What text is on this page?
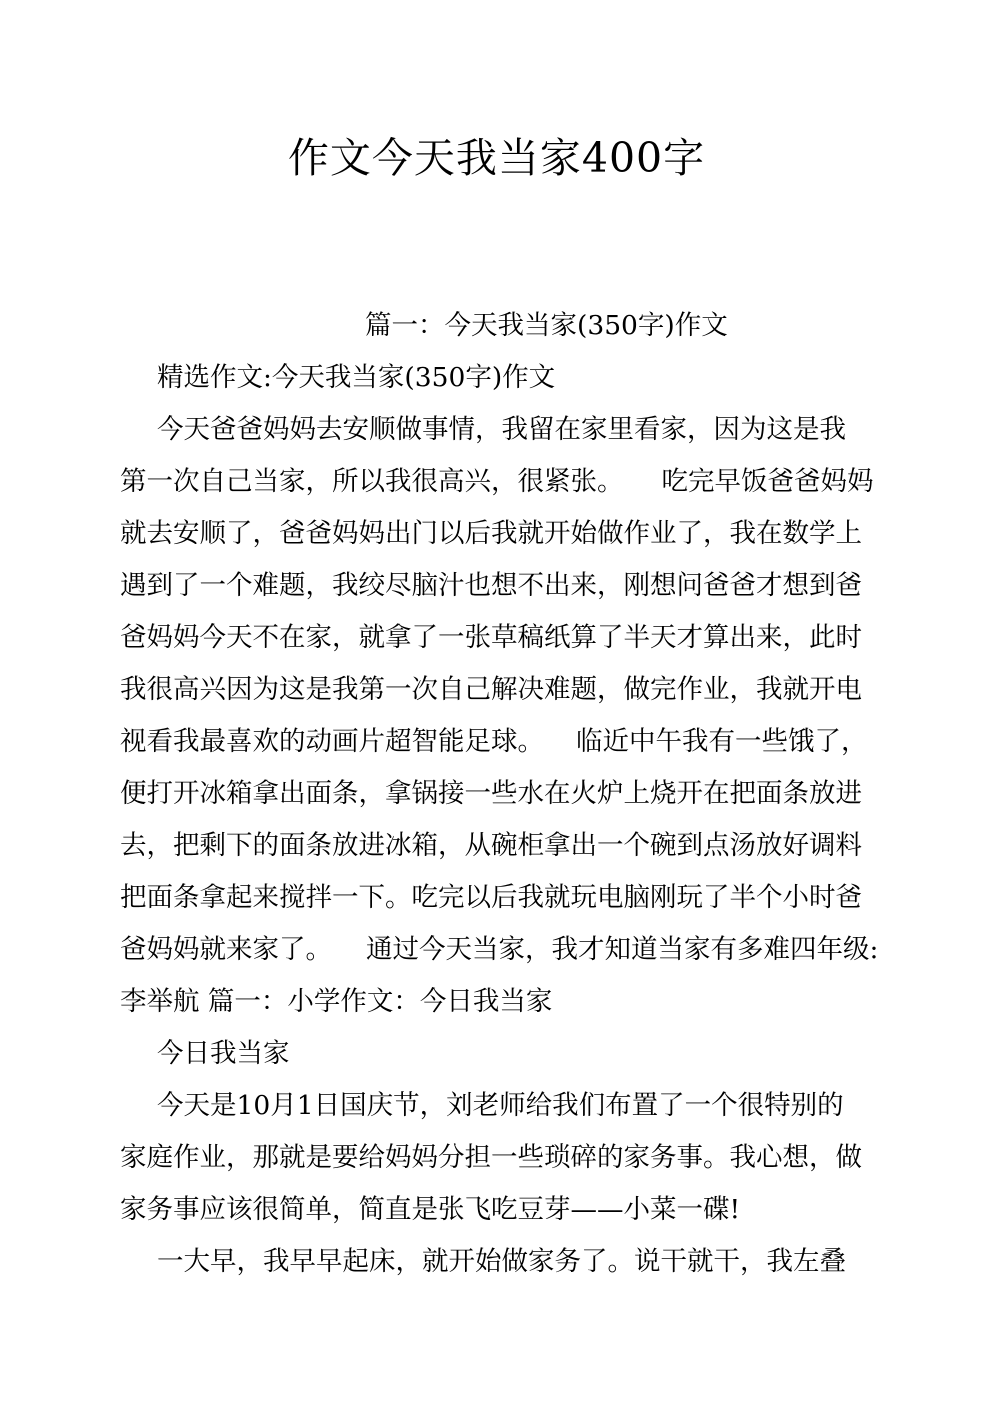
作文今天我当家400字
篇一：今天我当家(350字)作文
精选作文:今天我当家(350字)作文
今天爸爸妈妈去安顺做事情，我留在家里看家，因为这是我
第一次自己当家，所以我很高兴，很紧张。 吃完早饭爸爸妈妈
就去安顺了，爸爸妈妈出门以后我就开始做作业了，我在数学上
遇到了一个难题，我绞尽脑汁也想不出来，刚想问爸爸才想到爸
爸妈妈今天不在家，就拿了一张草稿纸算了半天才算出来，此时
我很高兴因为这是我第一次自己解决难题，做完作业，我就开电
视看我最喜欢的动画片超智能足球。 临近中午我有一些饿了，
便打开冰箱拿出面条，拿锅接一些水在火炉上烧开在把面条放进
去，把剩下的面条放进冰箱，从碗柜拿出一个碗到点汤放好调料
把面条拿起来搅拌一下。吃完以后我就玩电脑刚玩了半个小时爸
爸妈妈就来家了。 通过今天当家，我才知道当家有多难四年级:
李举航 篇一：小学作文：今日我当家
今日我当家
今天是10月1日国庆节，刘老师给我们布置了一个很特别的
家庭作业，那就是要给妈妈分担一些琐碎的家务事。我心想，做
家务事应该很简单，简直是张飞吃豆芽——小菜一碟!
一大早，我早早起床，就开始做家务了。说干就干，我左叠
